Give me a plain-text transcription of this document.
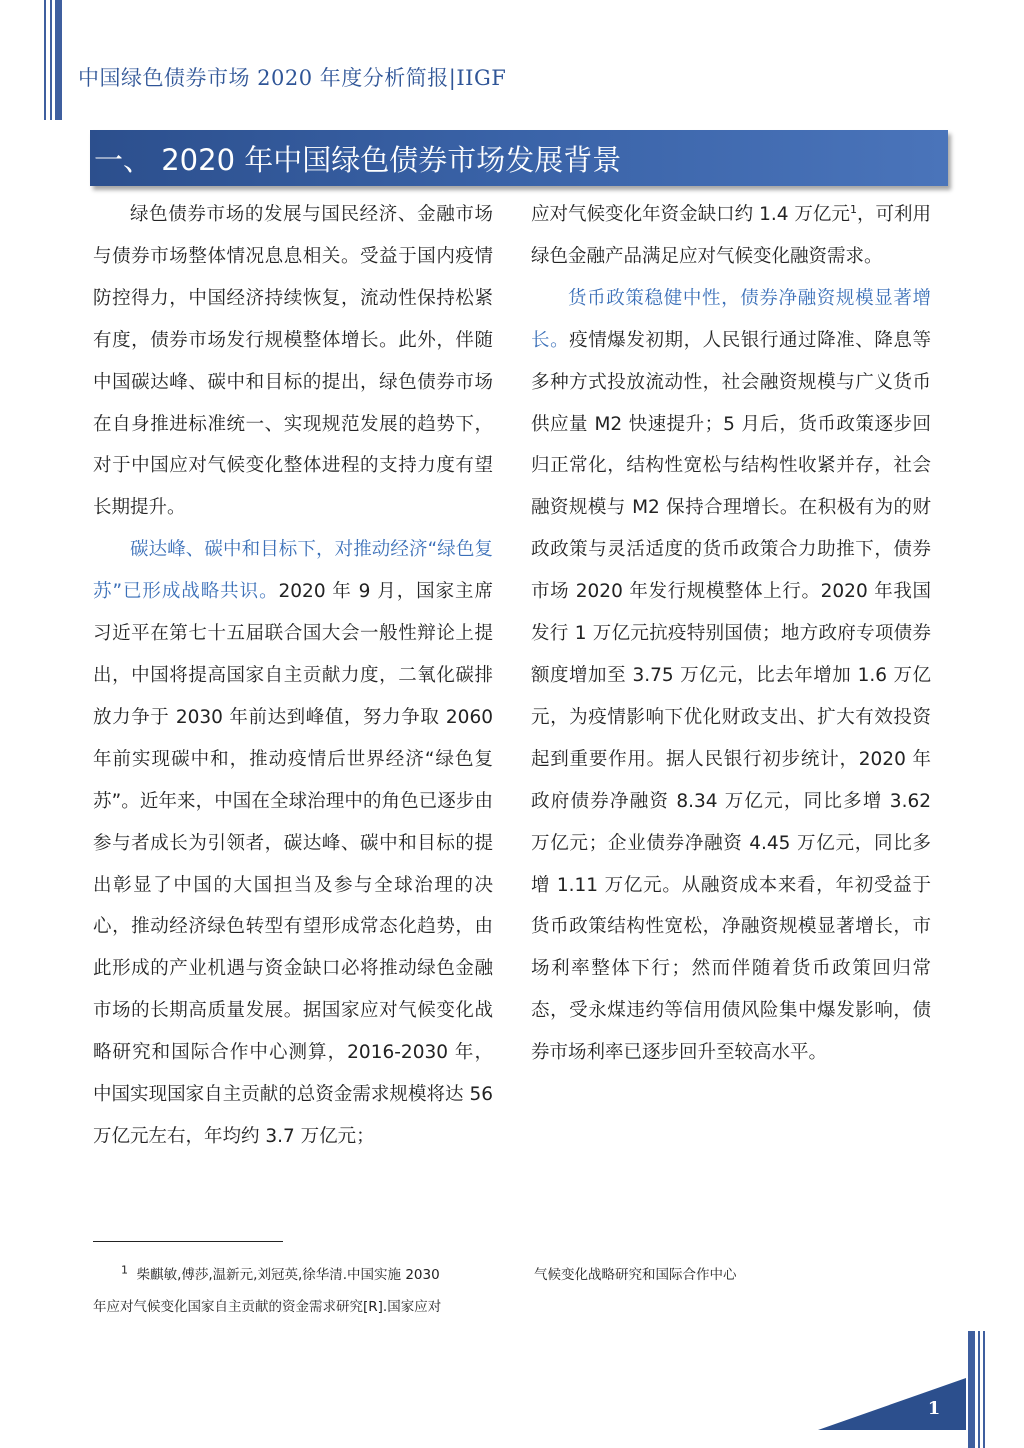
中国绿色债券市场 2020 年度分析简报|IIGF
一、 2020 年中国绿色债券市场发展背景

绿色债券市场的发展与国民经济、金融市场与债券市场整体情况息息相关。受益于国内疫情防控得力，中国经济持续恢复，流动性保持松紧有度，债券市场发行规模整体增长。此外，伴随中国碳达峰、碳中和目标的提出，绿色债券市场在自身推进标准统一、实现规范发展的趋势下，对于中国应对气候变化整体进程的支持力度有望长期提升。

碳达峰、碳中和目标下，对推动经济“绿色复苏”已形成战略共识。2020 年 9 月，国家主席习近平在第七十五届联合国大会一般性辩论上提出，中国将提高国家自主贡献力度，二氧化碳排放力争于 2030 年前达到峰值，努力争取 2060 年前实现碳中和，推动疫情后世界经济“绿色复苏”。近年来，中国在全球治理中的角色已逐步由参与者成长为引领者，碳达峰、碳中和目标的提出彰显了中国的大国担当及参与全球治理的决心，推动经济绿色转型有望形成常态化趋势，由此形成的产业机遇与资金缺口必将推动绿色金融市场的长期高质量发展。据国家应对气候变化战略研究和国际合作中心测算，2016-2030 年，中国实现国家自主贡献的总资金需求规模将达 56 万亿元左右，年均约 3.7 万亿元；

应对气候变化年资金缺口约 1.4 万亿元$^1$，可利用绿色金融产品满足应对气候变化融资需求。

货币政策稳健中性，债券净融资规模显著增长。疫情爆发初期，人民银行通过降准、降息等多种方式投放流动性，社会融资规模与广义货币供应量 M2 快速提升；5 月后，货币政策逐步回归正常化，结构性宽松与结构性收紧并存，社会融资规模与 M2 保持合理增长。在积极有为的财政政策与灵活适度的货币政策合力助推下，债券市场 2020 年发行规模整体上行。2020 年我国发行 1 万亿元抗疫特别国债；地方政府专项债券额度增加至 3.75 万亿元，比去年增加 1.6 万亿元，为疫情影响下优化财政支出、扩大有效投资起到重要作用。据人民银行初步统计，2020 年政府债券净融资 8.34 万亿元，同比多增 3.62 万亿元；企业债券净融资 4.45 万亿元，同比多增 1.11 万亿元。从融资成本来看，年初受益于货币政策结构性宽松，净融资规模显著增长，市场利率整体下行；然而伴随着货币政策回归常态，受永煤违约等信用债风险集中爆发影响，债券市场利率已逐步回升至较高水平。

$^1$ 柴麒敏,傅莎,温新元,刘冠英,徐华清.中国实施 2030
年应对气候变化国家自主贡献的资金需求研究[R].国家应对
气候变化战略研究和国际合作中心
1
